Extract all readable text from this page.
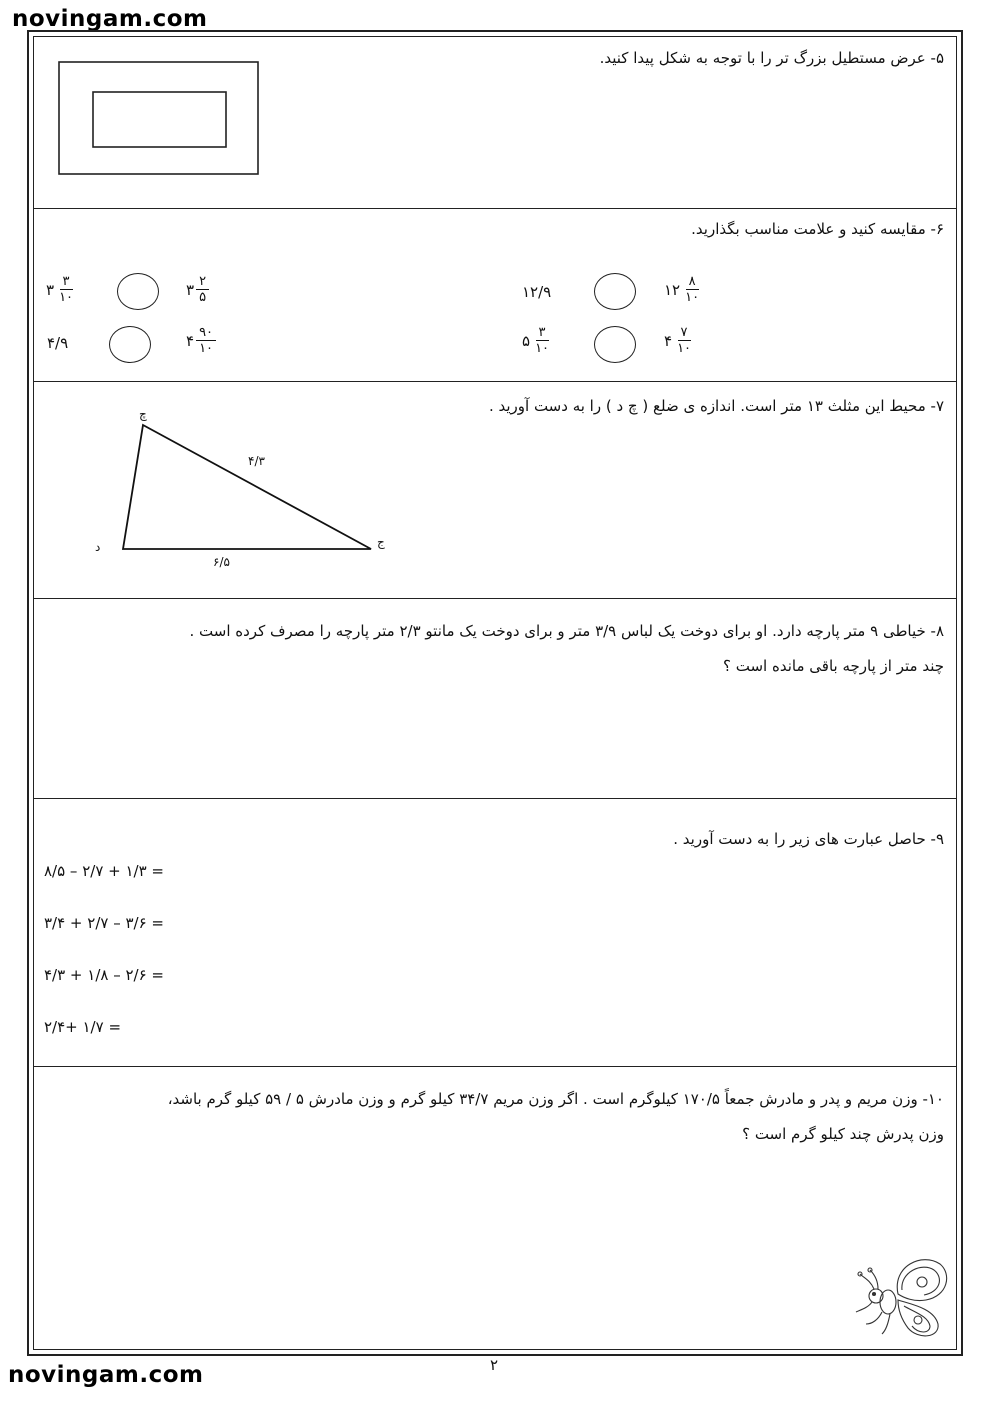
novingam.com
novingam.com
۵- عرض مستطیل بزرگ تر را با توجه به شکل پیدا کنید.
۶- مقایسه کنید و علامت مناسب بگذارید.
۳ $\frac{۳}{۱۰}$	۳ $\frac{۲}{۵}$
۴/۹	۴ $\frac{۹۰}{۱۰}$
۱۲/۹	۱۲ $\frac{۸}{۱۰}$
۵ $\frac{۳}{۱۰}$	۴ $\frac{۷}{۱۰}$
۷- محیط این مثلث ۱۳ متر است. اندازه ی ضلع ( چ د ) را به دست آورید .
چ
ج
د
۴/۳
۶/۵
۸- خیاطی ۹ متر پارچه دارد. او برای دوخت یک لباس ۳/۹ متر و برای دوخت یک مانتو ۲/۳ متر پارچه را مصرف کرده است .
چند متر از پارچه باقی مانده است ؟
۹- حاصل عبارت های زیر را به دست آورید .
۸/۵ – ۲/۷ + ۱/۳ =
۳/۴ + ۲/۷ – ۳/۶ =
۴/۳ + ۱/۸ – ۲/۶ =
۲/۴+ ۱/۷ =
۱۰- وزن مریم و پدر و مادرش جمعاً ۱۷۰/۵ کیلوگرم است . اگر وزن مریم ۳۴/۷ کیلو گرم و وزن مادرش ۵ / ۵۹ کیلو گرم باشد،
وزن پدرش چند کیلو گرم است ؟
۲
